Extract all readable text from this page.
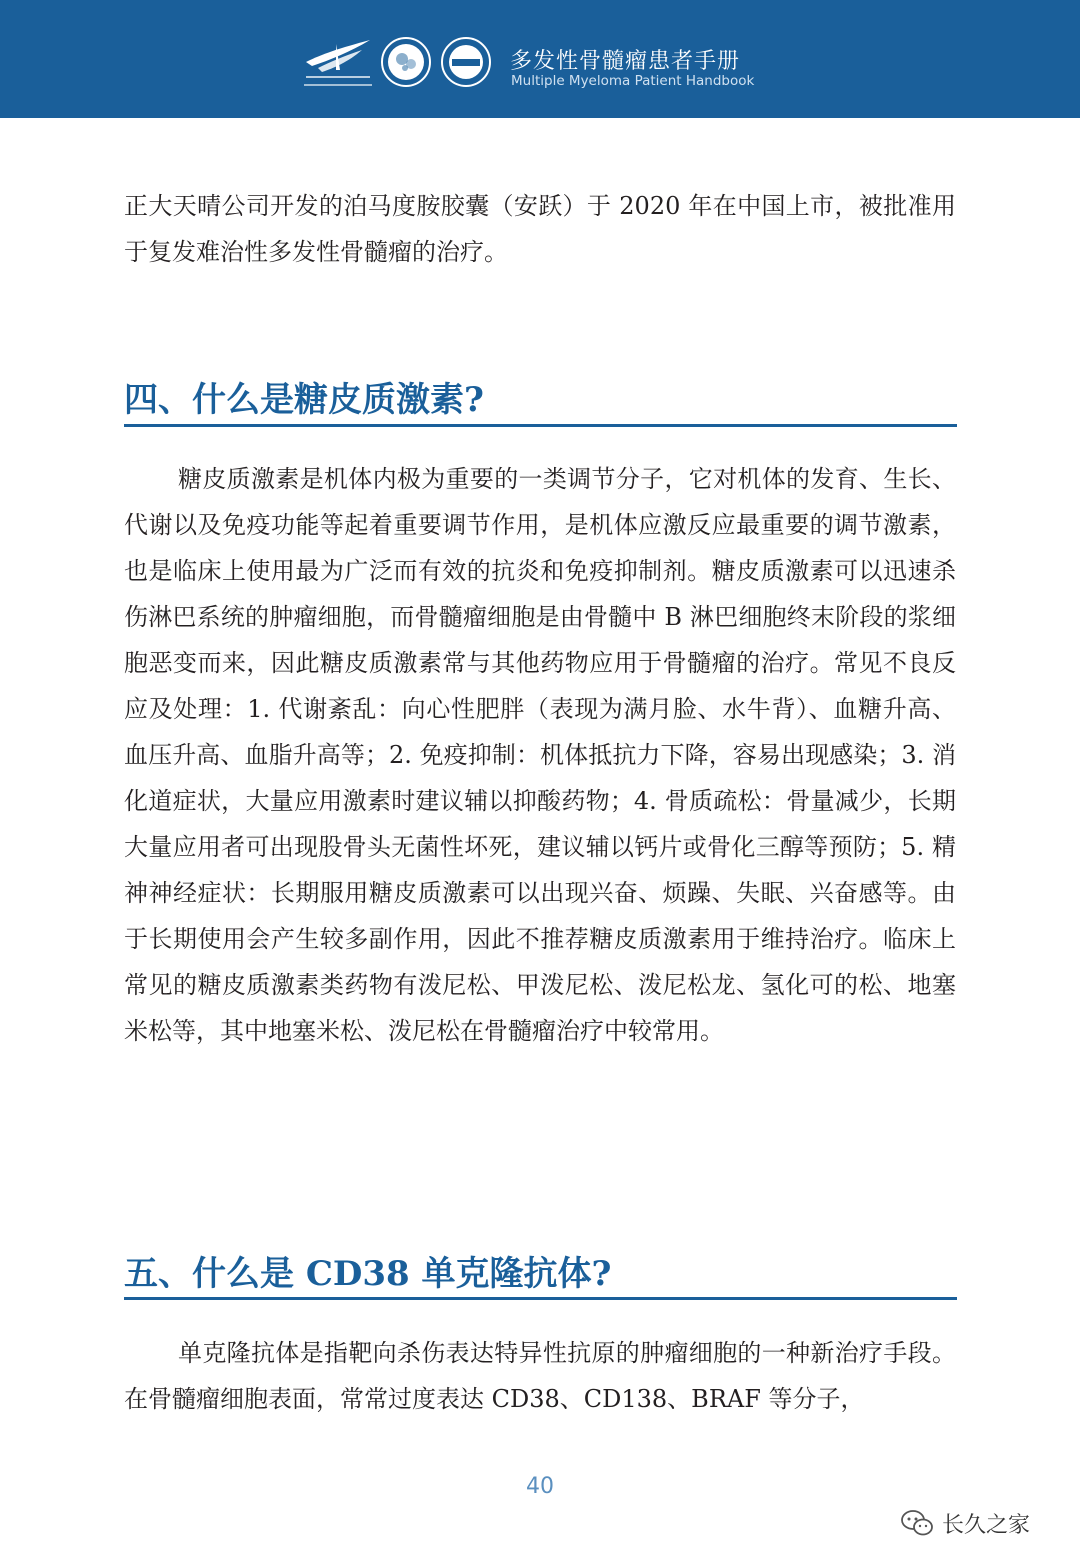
多发性骨髓瘤患者手册
Multiple Myeloma Patient Handbook

正大天晴公司开发的泊马度胺胶囊（安跃）于 2020 年在中国上市，被批准用于复发难治性多发性骨髓瘤的治疗。

四、什么是糖皮质激素?

糖皮质激素是机体内极为重要的一类调节分子，它对机体的发育、生长、代谢以及免疫功能等起着重要调节作用，是机体应激反应最重要的调节激素，也是临床上使用最为广泛而有效的抗炎和免疫抑制剂。糖皮质激素可以迅速杀伤淋巴系统的肿瘤细胞，而骨髓瘤细胞是由骨髓中 B 淋巴细胞终末阶段的浆细胞恶变而来，因此糖皮质激素常与其他药物应用于骨髓瘤的治疗。常见不良反应及处理：1. 代谢紊乱：向心性肥胖（表现为满月脸、水牛背）、血糖升高、血压升高、血脂升高等；2. 免疫抑制：机体抵抗力下降，容易出现感染；3. 消化道症状，大量应用激素时建议辅以抑酸药物；4. 骨质疏松：骨量减少，长期大量应用者可出现股骨头无菌性坏死，建议辅以钙片或骨化三醇等预防；5. 精神神经症状：长期服用糖皮质激素可以出现兴奋、烦躁、失眠、兴奋感等。由于长期使用会产生较多副作用，因此不推荐糖皮质激素用于维持治疗。临床上常见的糖皮质激素类药物有泼尼松、甲泼尼松、泼尼松龙、氢化可的松、地塞米松等，其中地塞米松、泼尼松在骨髓瘤治疗中较常用。

五、什么是 CD38 单克隆抗体?

单克隆抗体是指靶向杀伤表达特异性抗原的肿瘤细胞的一种新治疗手段。在骨髓瘤细胞表面，常常过度表达 CD38、CD138、BRAF 等分子，

40
长久之家
